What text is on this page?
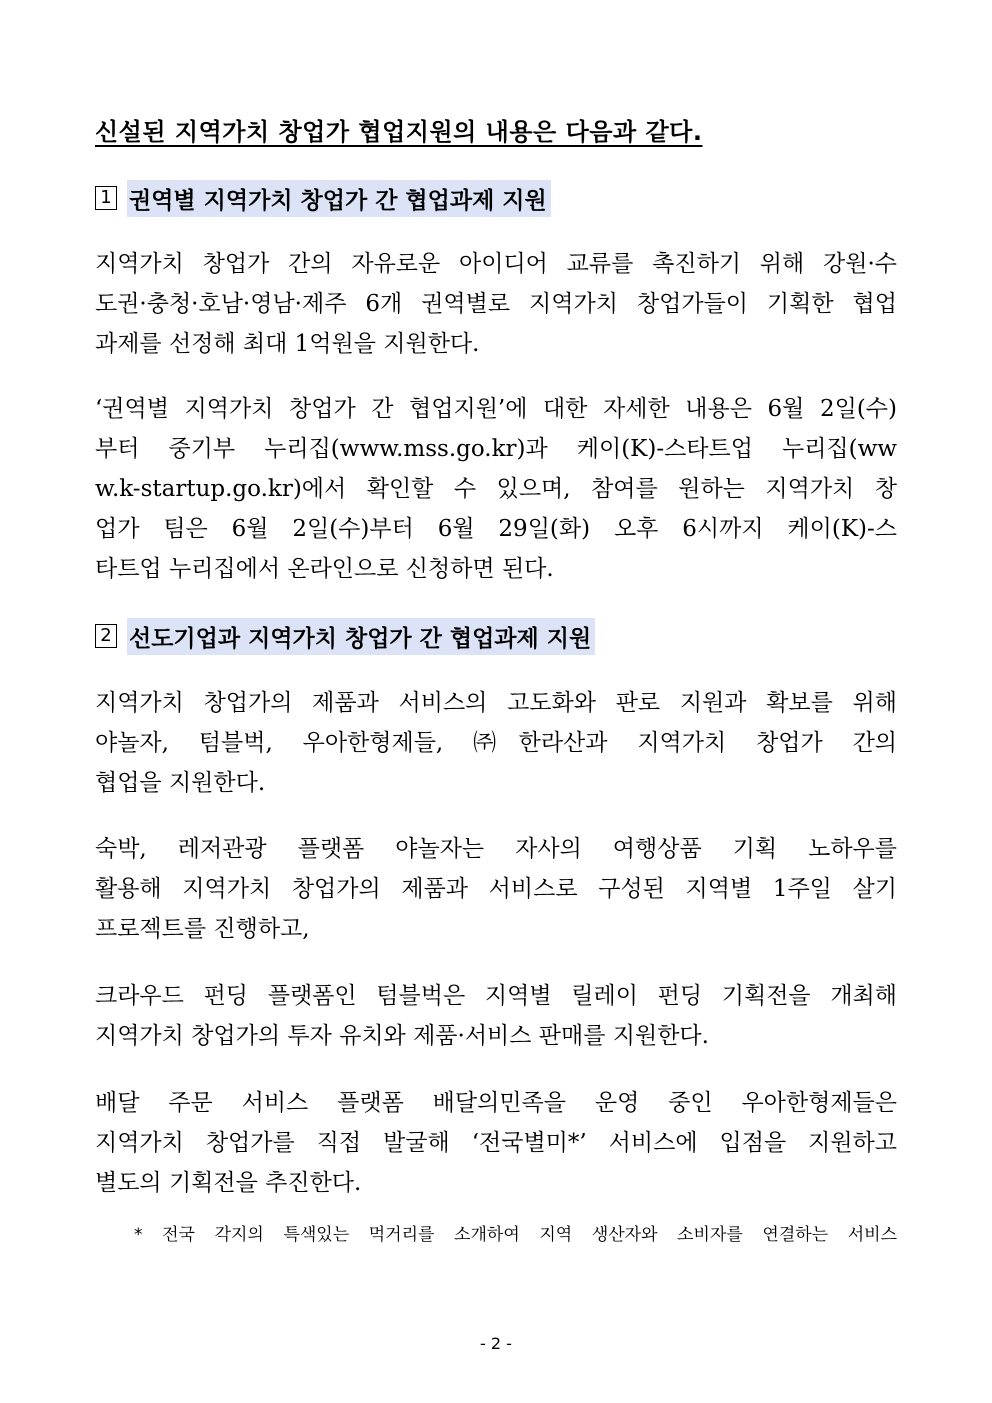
신설된 지역가치 창업가 협업지원의 내용은 다음과 같다.
1 권역별 지역가치 창업가 간 협업과제 지원
지역가치 창업가 간의 자유로운 아이디어 교류를 촉진하기 위해 강원·수
도권·충청·호남·영남·제주 6개 권역별로 지역가치 창업가들이 기획한 협업
과제를 선정해 최대 1억원을 지원한다.
‘권역별 지역가치 창업가 간 협업지원’에 대한 자세한 내용은 6월 2일(수)
부터 중기부 누리집(www.mss.go.kr)과 케이(K)-스타트업 누리집(ww
w.k-startup.go.kr)에서 확인할 수 있으며, 참여를 원하는 지역가치 창
업가 팀은 6월 2일(수)부터 6월 29일(화) 오후 6시까지 케이(K)-스
타트업 누리집에서 온라인으로 신청하면 된다.
2 선도기업과 지역가치 창업가 간 협업과제 지원
지역가치 창업가의 제품과 서비스의 고도화와 판로 지원과 확보를 위해
야놀자, 텀블벅, 우아한형제들, ㈜한라산과 지역가치 창업가 간의
협업을 지원한다.
숙박, 레저관광 플랫폼 야놀자는 자사의 여행상품 기획 노하우를
활용해 지역가치 창업가의 제품과 서비스로 구성된 지역별 1주일 살기
프로젝트를 진행하고,
크라우드 펀딩 플랫폼인 텀블벅은 지역별 릴레이 펀딩 기획전을 개최해
지역가치 창업가의 투자 유치와 제품·서비스 판매를 지원한다.
배달 주문 서비스 플랫폼 배달의민족을 운영 중인 우아한형제들은
지역가치 창업가를 직접 발굴해 ‘전국별미*’ 서비스에 입점을 지원하고
별도의 기획전을 추진한다.
* 전국 각지의 특색있는 먹거리를 소개하여 지역 생산자와 소비자를 연결하는 서비스
- 2 -
